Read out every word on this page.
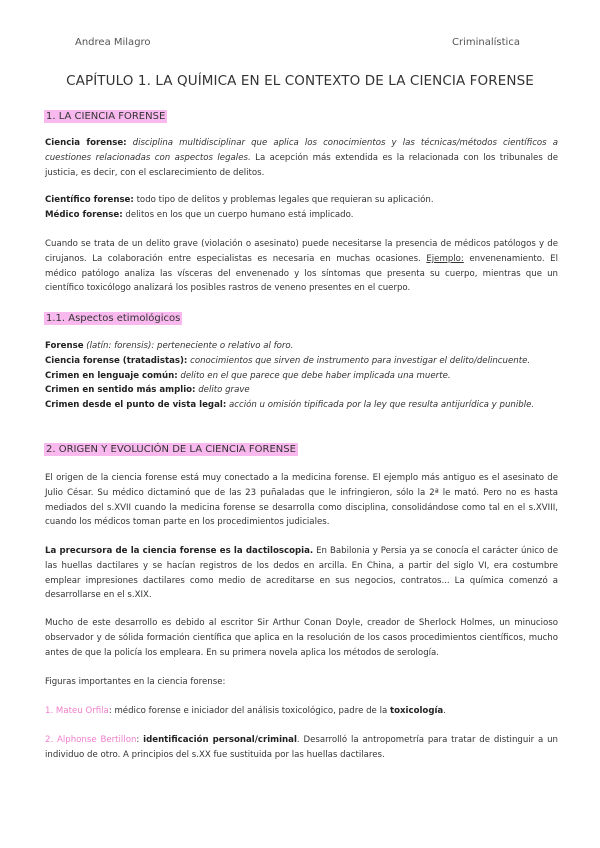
Andrea Milagro	Criminalística
CAPÍTULO 1. LA QUÍMICA EN EL CONTEXTO DE LA CIENCIA FORENSE
1. LA CIENCIA FORENSE
Ciencia forense: disciplina multidisciplinar que aplica los conocimientos y las técnicas/métodos científicos a cuestiones relacionadas con aspectos legales. La acepción más extendida es la relacionada con los tribunales de justicia, es decir, con el esclarecimiento de delitos.
Científico forense: todo tipo de delitos y problemas legales que requieran su aplicación.
Médico forense: delitos en los que un cuerpo humano está implicado.
Cuando se trata de un delito grave (violación o asesinato) puede necesitarse la presencia de médicos patólogos y de cirujanos. La colaboración entre especialistas es necesaria en muchas ocasiones. Ejemplo: envenenamiento. El médico patólogo analiza las vísceras del envenenado y los síntomas que presenta su cuerpo, mientras que un científico toxicólogo analizará los posibles rastros de veneno presentes en el cuerpo.
1.1. Aspectos etimológicos
Forense (latín: forensis): perteneciente o relativo al foro.
Ciencia forense (tratadistas): conocimientos que sirven de instrumento para investigar el delito/delincuente.
Crimen en lenguaje común: delito en el que parece que debe haber implicada una muerte.
Crimen en sentido más amplio: delito grave
Crimen desde el punto de vista legal: acción u omisión tipificada por la ley que resulta antijurídica y punible.
2. ORIGEN Y EVOLUCIÓN DE LA CIENCIA FORENSE
El origen de la ciencia forense está muy conectado a la medicina forense. El ejemplo más antiguo es el asesinato de Julio César. Su médico dictaminó que de las 23 puñaladas que le infringieron, sólo la 2ª le mató. Pero no es hasta mediados del s.XVII cuando la medicina forense se desarrolla como disciplina, consolidándose como tal en el s.XVIII, cuando los médicos toman parte en los procedimientos judiciales.
La precursora de la ciencia forense es la dactiloscopia. En Babilonia y Persia ya se conocía el carácter único de las huellas dactilares y se hacían registros de los dedos en arcilla. En China, a partir del siglo VI, era costumbre emplear impresiones dactilares como medio de acreditarse en sus negocios, contratos... La química comenzó a desarrollarse en el s.XIX.
Mucho de este desarrollo es debido al escritor Sir Arthur Conan Doyle, creador de Sherlock Holmes, un minucioso observador y de sólida formación científica que aplica en la resolución de los casos procedimientos científicos, mucho antes de que la policía los empleara. En su primera novela aplica los métodos de serología.
Figuras importantes en la ciencia forense:
1. Mateu Orfila: médico forense e iniciador del análisis toxicológico, padre de la toxicología.
2. Alphonse Bertillon: identificación personal/criminal. Desarrolló la antropometría para tratar de distinguir a un individuo de otro. A principios del s.XX fue sustituida por las huellas dactilares.
